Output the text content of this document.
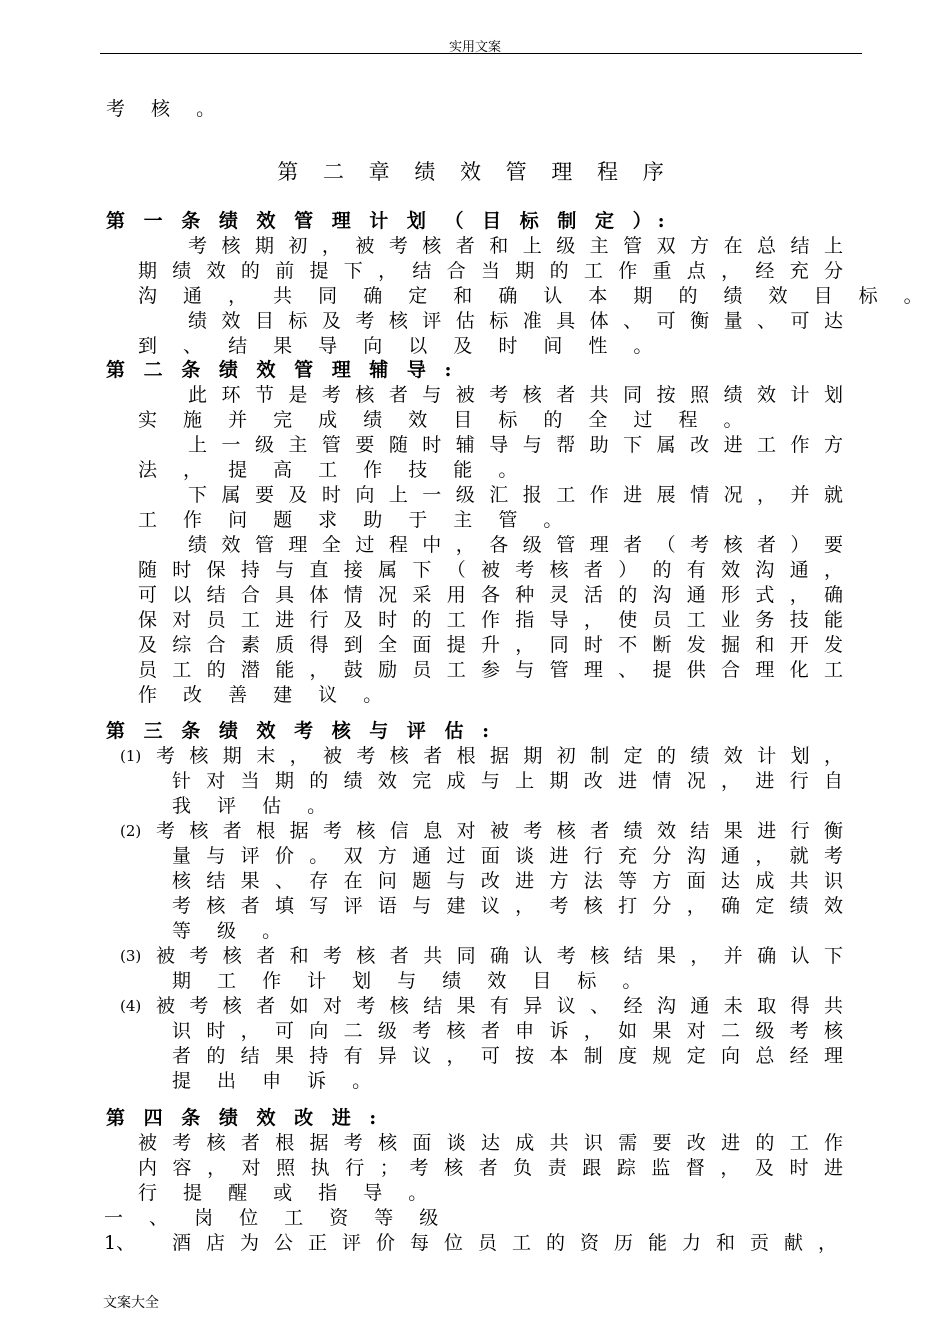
实用文案
考 核 。
第 二 章 绩 效 管 理 程 序
第 一 条 绩 效 管 理 计 划 （ 目 标 制 定 ）:
考 核 期 初 ， 被 考 核 者 和 上 级 主 管 双 方 在 总 结 上
期 绩 效 的 前 提 下 ， 结 合 当 期 的 工 作 重 点 ， 经 充 分
沟 通 ， 共 同 确 定 和 确 认 本 期 的 绩 效 目 标 。
绩 效 目 标 及 考 核 评 估 标 准 具 体 、 可 衡 量 、 可 达
到 、 结 果 导 向 以 及 时 间 性 。
第 二 条 绩 效 管 理 辅 导 :
此 环 节 是 考 核 者 与 被 考 核 者 共 同 按 照 绩 效 计 划
实 施 并 完 成 绩 效 目 标 的 全 过 程 。
上 一 级 主 管 要 随 时 辅 导 与 帮 助 下 属 改 进 工 作 方
法 ， 提 高 工 作 技 能 。
下 属 要 及 时 向 上 一 级 汇 报 工 作 进 展 情 况 ， 并 就
工 作 问 题 求 助 于 主 管 。
绩 效 管 理 全 过 程 中 ， 各 级 管 理 者 （ 考 核 者 ） 要
随 时 保 持 与 直 接 属 下 （ 被 考 核 者 ） 的 有 效 沟 通 ，
可 以 结 合 具 体 情 况 采 用 各 种 灵 活 的 沟 通 形 式 ， 确
保 对 员 工 进 行 及 时 的 工 作 指 导 ， 使 员 工 业 务 技 能
及 综 合 素 质 得 到 全 面 提 升 ， 同 时 不 断 发 掘 和 开 发
员 工 的 潜 能 ， 鼓 励 员 工 参 与 管 理 、 提 供 合 理 化 工
作 改 善 建 议 。
第 三 条 绩 效 考 核 与 评 估 :
(1) 考 核 期 末 ， 被 考 核 者 根 据 期 初 制 定 的 绩 效 计 划 ，
针 对 当 期 的 绩 效 完 成 与 上 期 改 进 情 况 ， 进 行 自
我 评 估 。
(2) 考 核 者 根 据 考 核 信 息 对 被 考 核 者 绩 效 结 果 进 行 衡
量 与 评 价 。 双 方 通 过 面 谈 进 行 充 分 沟 通 ， 就 考
核 结 果 、 存 在 问 题 与 改 进 方 法 等 方 面 达 成 共 识
考 核 者 填 写 评 语 与 建 议 ， 考 核 打 分 ， 确 定 绩 效
等 级 。
(3) 被 考 核 者 和 考 核 者 共 同 确 认 考 核 结 果 ， 并 确 认 下
期 工 作 计 划 与 绩 效 目 标 。
(4) 被 考 核 者 如 对 考 核 结 果 有 异 议 、 经 沟 通 未 取 得 共
识 时 ， 可 向 二 级 考 核 者 申 诉 ， 如 果 对 二 级 考 核
者 的 结 果 持 有 异 议 ， 可 按 本 制 度 规 定 向 总 经 理
提 出 申 诉 。
第 四 条 绩 效 改 进 :
被 考 核 者 根 据 考 核 面 谈 达 成 共 识 需 要 改 进 的 工 作
内 容 ， 对 照 执 行 ； 考 核 者 负 责 跟 踪 监 督 ， 及 时 进
行 提 醒 或 指 导 。
一 、 岗 位 工 资 等 级
1、 酒 店 为 公 正 评 价 每 位 员 工 的 资 历 能 力 和 贡 献 ，
文案大全
